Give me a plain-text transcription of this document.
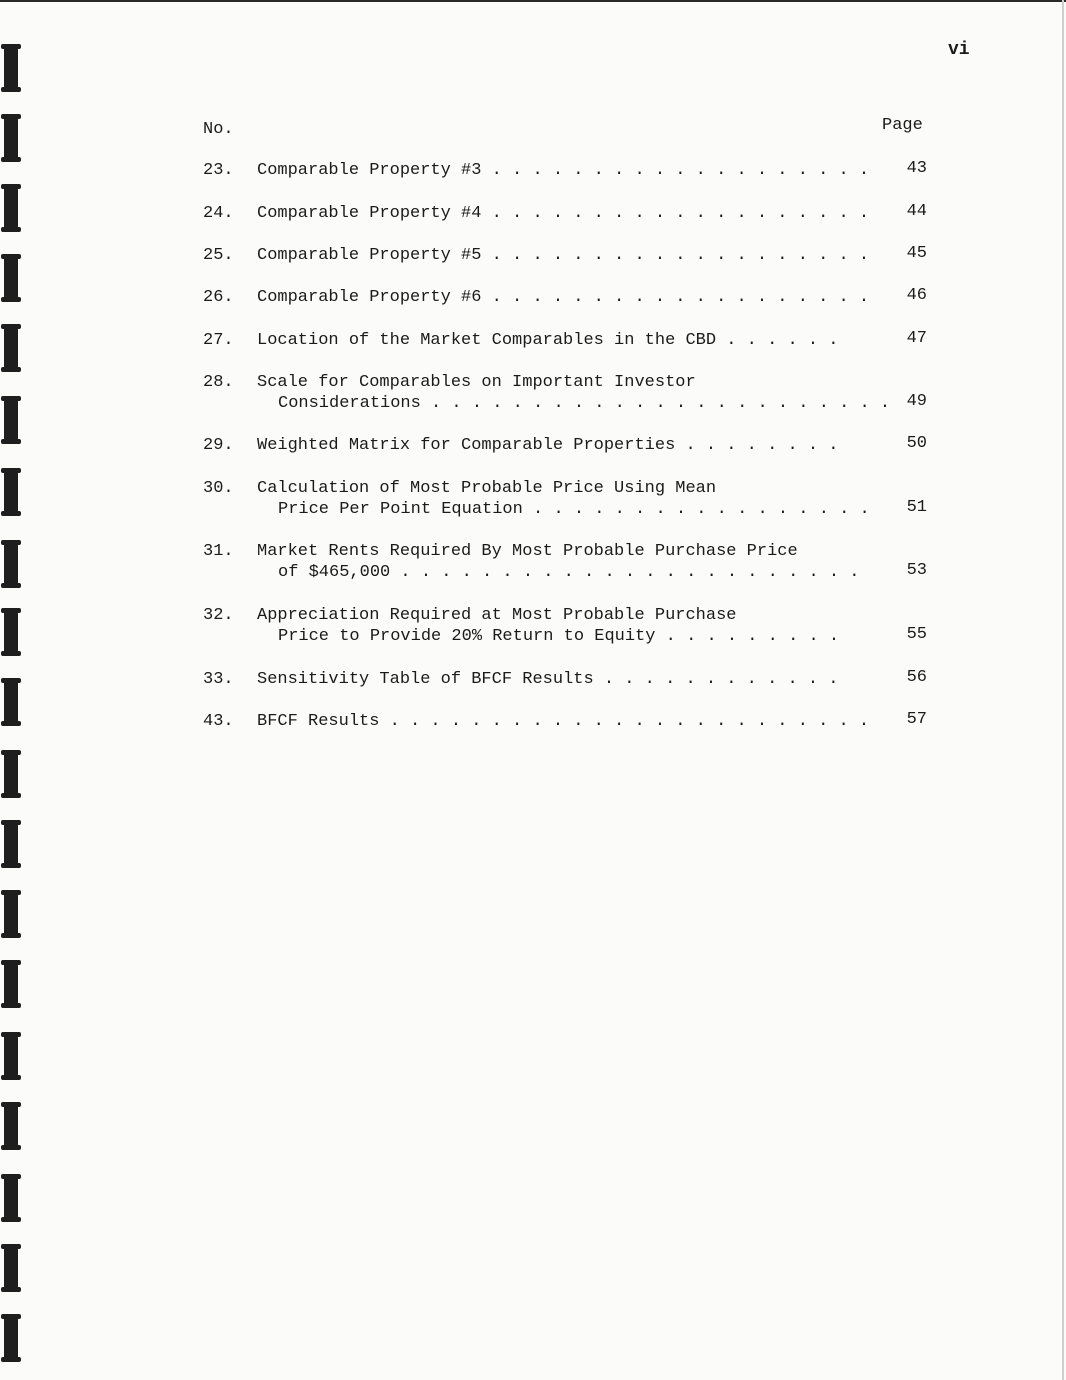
vi
No.	Page
23.	Comparable Property #3 . . . . . . . . . . . . . . . . . . . 43
24.	Comparable Property #4 . . . . . . . . . . . . . . . . . . . 44
25.	Comparable Property #5 . . . . . . . . . . . . . . . . . . . 45
26.	Comparable Property #6 . . . . . . . . . . . . . . . . . . . 46
27.	Location of the Market Comparables in the CBD . . . . . .	47
28.	Scale for Comparables on Important Investor
Considerations . . . . . . . . . . . . . . . . . . . . . . . 49
29.	Weighted Matrix for Comparable Properties . . . . . . . .	50
30.	Calculation of Most Probable Price Using Mean
Price Per Point Equation . . . . . . . . . . . . . . . . . 51
31.	Market Rents Required By Most Probable Purchase Price
of $465,000 . . . . . . . . . . . . . . . . . . . . . . .	53
32.	Appreciation Required at Most Probable Purchase
Price to Provide 20% Return to Equity . . . . . . . . .	55
33.	Sensitivity Table of BFCF Results . . . . . . . . . . . .	56
43.	BFCF Results . . . . . . . . . . . . . . . . . . . . . . . . 57
